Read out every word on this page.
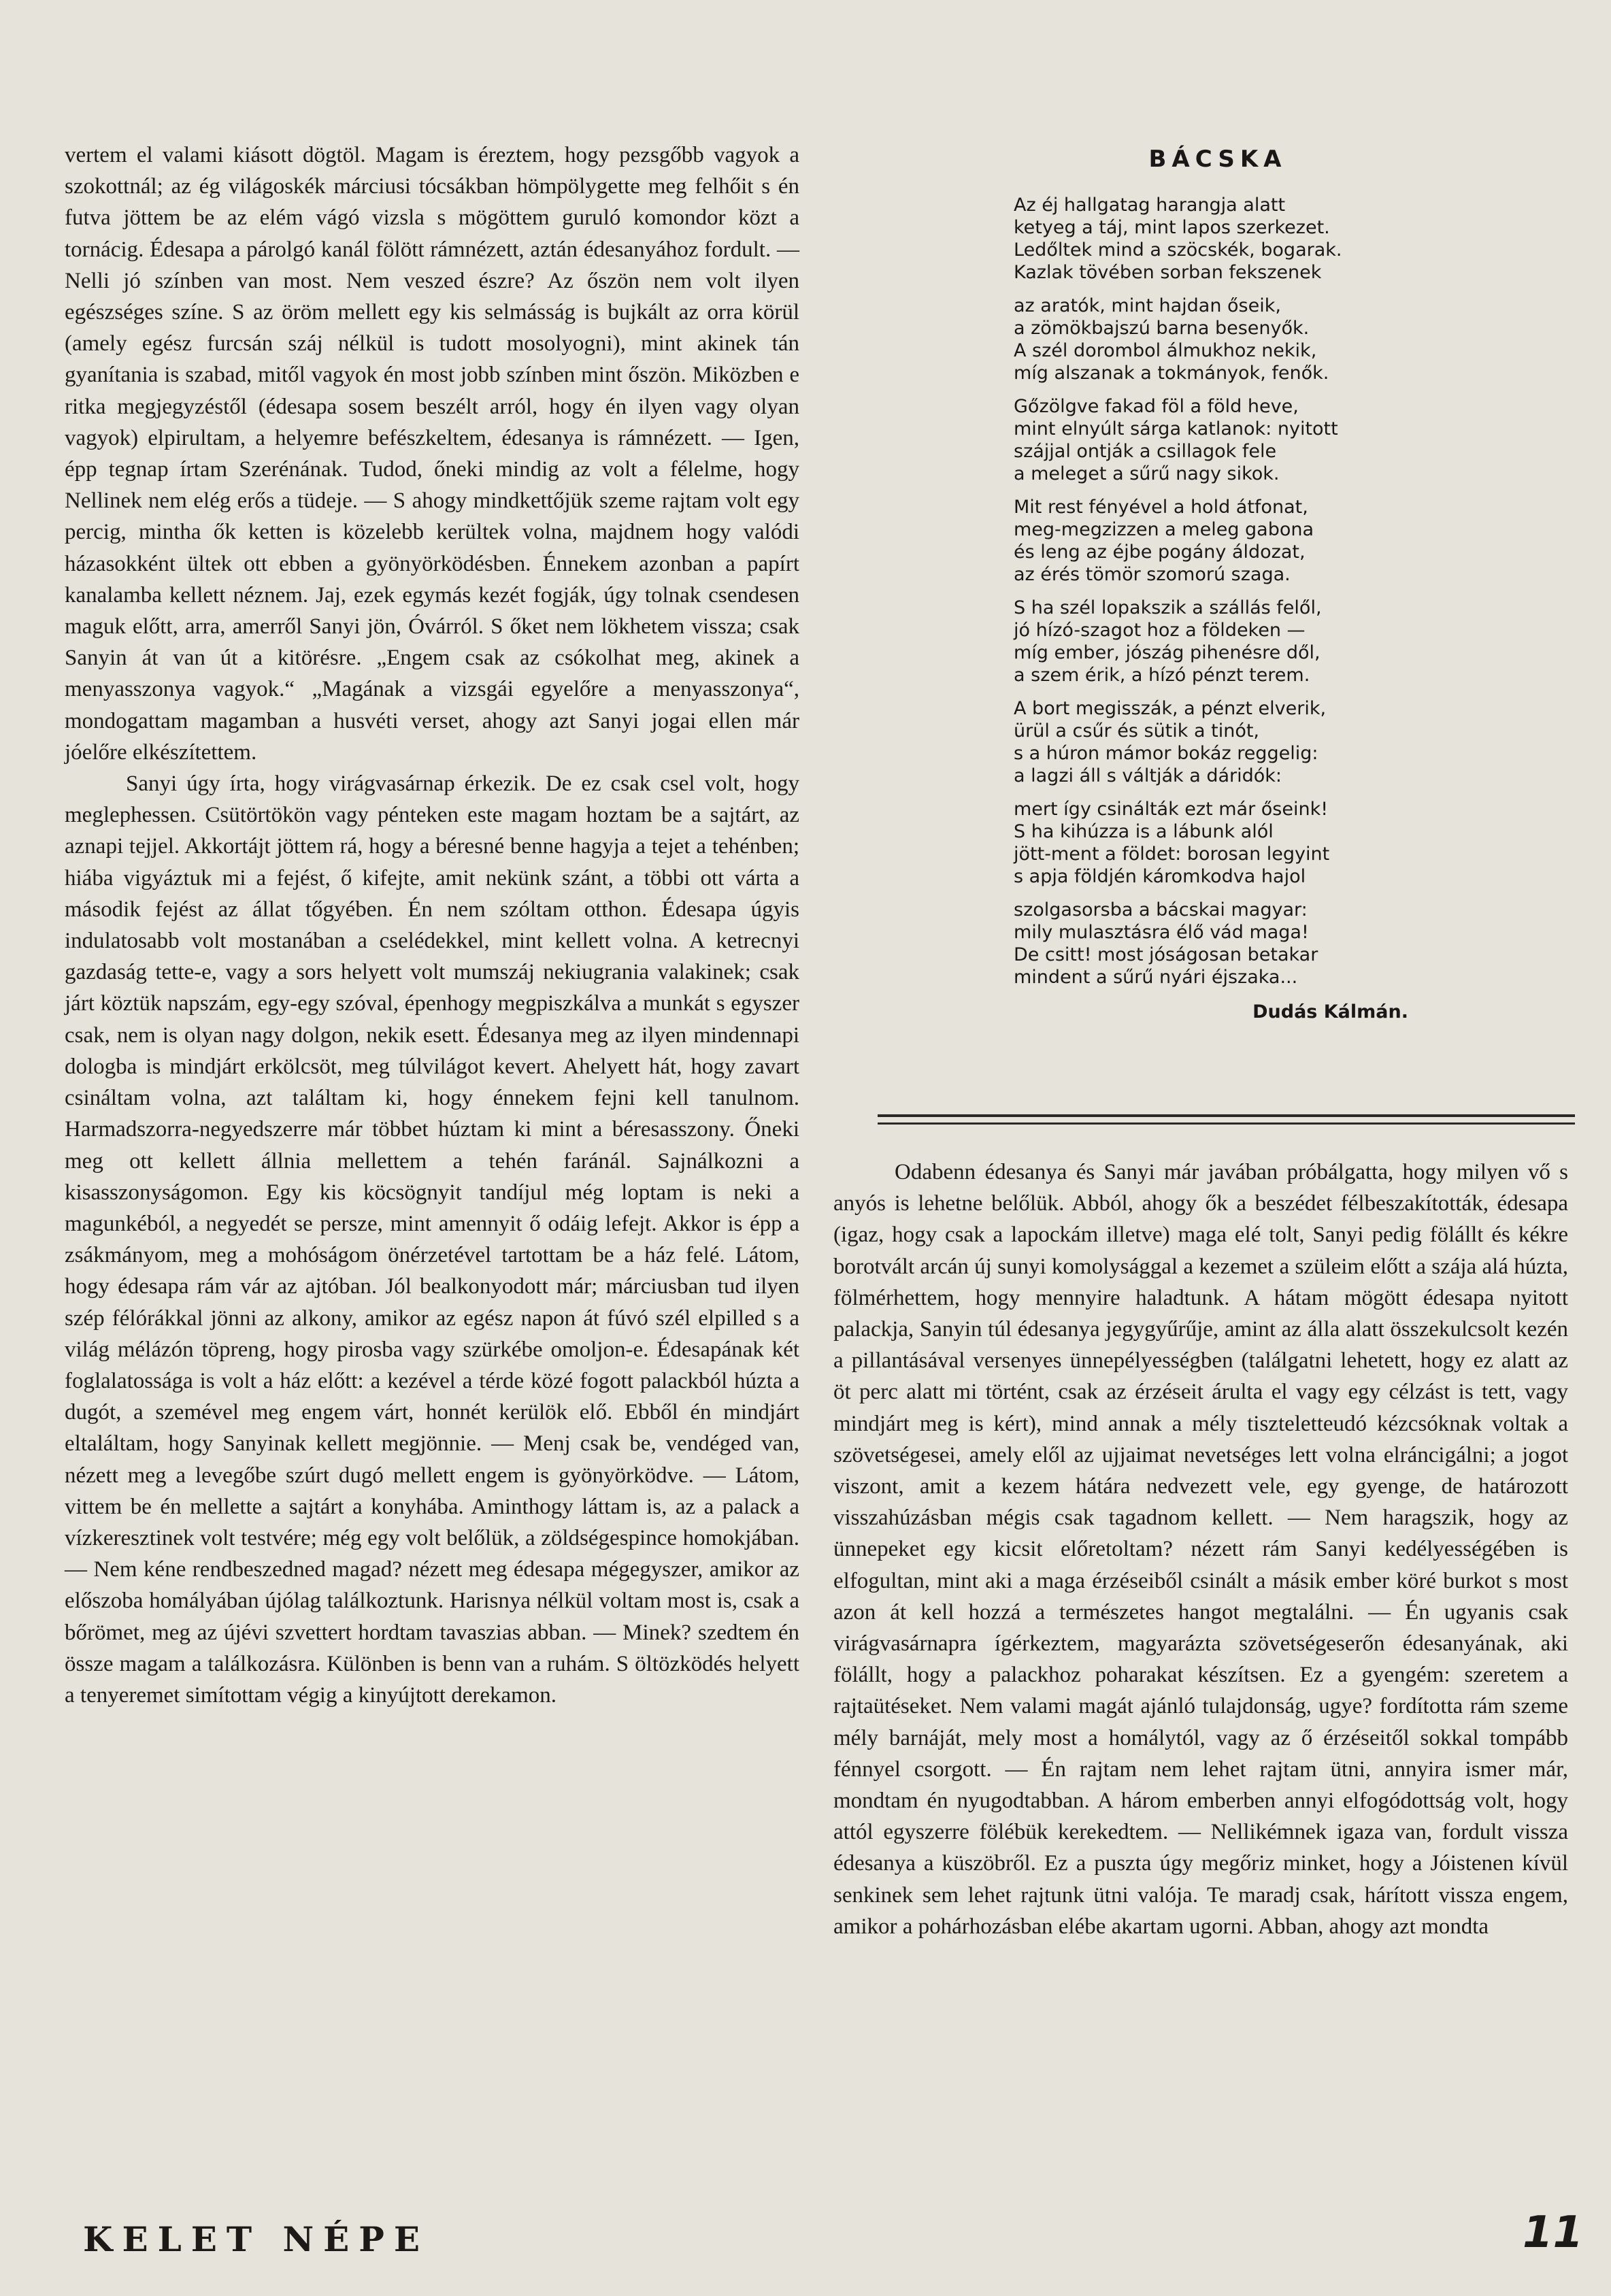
vertem el valami kiásott dögtöl. Magam is éreztem, hogy pezsgőbb vagyok a szokottnál; az ég világoskék márciusi tócsákban hömpölygette meg felhőit s én futva jöttem be az elém vágó vizsla s mögöttem guruló komondor közt a tornácig. Édesapa a párolgó kanál fölött rámnézett, aztán édesanyához fordult. — Nelli jó színben van most. Nem veszed észre? Az őszön nem volt ilyen egészséges színe. S az öröm mellett egy kis selmásság is bujkált az orra körül (amely egész furcsán száj nélkül is tudott mosolyogni), mint akinek tán gyanítania is szabad, mitől vagyok én most jobb színben mint őszön. Miközben e ritka megjegyzéstől (édesapa sosem beszélt arról, hogy én ilyen vagy olyan vagyok) elpirultam, a helyemre befészkeltem, édesanya is rámnézett. — Igen, épp tegnap írtam Szerénának. Tudod, őneki mindig az volt a félelme, hogy Nellinek nem elég erős a tüdeje. — S ahogy mindkettőjük szeme rajtam volt egy percig, mintha ők ketten is közelebb kerültek volna, majdnem hogy valódi házasokként ültek ott ebben a gyönyörködésben. Énnekem azonban a papírt kanalamba kellett néznem. Jaj, ezek egymás kezét fogják, úgy tolnak csendesen maguk előtt, arra, amerről Sanyi jön, Óvárról. S őket nem lökhetem vissza; csak Sanyin át van út a kitörésre. „Engem csak az csókolhat meg, akinek a menyasszonya vagyok.“ „Magának a vizsgái egyelőre a menyasszonya“, mondogattam magamban a husvéti verset, ahogy azt Sanyi jogai ellen már jóelőre elkészítettem.

Sanyi úgy írta, hogy virágvasárnap érkezik. De ez csak csel volt, hogy meglephessen. Csütörtökön vagy pénteken este magam hoztam be a sajtárt, az aznapi tejjel. Akkortájt jöttem rá, hogy a béresné benne hagyja a tejet a tehénben; hiába vigyáztuk mi a fejést, ő kifejte, amit nekünk szánt, a többi ott várta a második fejést az állat tőgyében. Én nem szóltam otthon. Édesapa úgyis indulatosabb volt mostanában a cselédekkel, mint kellett volna. A ketrecnyi gazdaság tette-e, vagy a sors helyett volt mumszáj nekiugrania valakinek; csak járt köztük napszám, egy-egy szóval, épenhogy megpiszkálva a munkát s egyszer csak, nem is olyan nagy dolgon, nekik esett. Édesanya meg az ilyen mindennapi dologba is mindjárt erkölcsöt, meg túlvilágot kevert. Ahelyett hát, hogy zavart csináltam volna, azt találtam ki, hogy énnekem fejni kell tanulnom. Harmadszorra-negyedszerre már többet húztam ki mint a béresasszony. Őneki meg ott kellett állnia mellettem a tehén faránál. Sajnálkozni a kisasszonyságomon. Egy kis köcsögnyit tandíjul még loptam is neki a magunkéból, a negyedét se persze, mint amennyit ő odáig lefejt. Akkor is épp a zsákmányom, meg a mohóságom önérzetével tartottam be a ház felé. Látom, hogy édesapa rám vár az ajtóban. Jól bealkonyodott már; márciusban tud ilyen szép félórákkal jönni az alkony, amikor az egész napon át fúvó szél elpilled s a világ mélázón töpreng, hogy pirosba vagy szürkébe omoljon-e. Édesapának két foglalatossága is volt a ház előtt: a kezével a térde közé fogott palackból húzta a dugót, a szemével meg engem várt, honnét kerülök elő. Ebből én mindjárt eltaláltam, hogy Sanyinak kellett megjönnie. — Menj csak be, vendéged van, nézett meg a levegőbe szúrt dugó mellett engem is gyönyörködve. — Látom, vittem be én mellette a sajtárt a konyhába. Aminthogy láttam is, az a palack a vízkeresztinek volt testvére; még egy volt belőlük, a zöldségespince homokjában. — Nem kéne rendbeszedned magad? nézett meg édesapa mégegyszer, amikor az előszoba homályában újólag találkoztunk. Harisnya nélkül voltam most is, csak a bőrömet, meg az újévi szvettert hordtam tavaszias abban. — Minek? szedtem én össze magam a találkozásra. Különben is benn van a ruhám. S öltözködés helyett a tenyeremet simítottam végig a kinyújtott derekamon.

BÁCSKA
Az éj hallgatag harangja alatt
ketyeg a táj, mint lapos szerkezet.
Ledőltek mind a szöcskék, bogarak.
Kazlak tövében sorban fekszenek
az aratók, mint hajdan őseik,
a zömökbajszú barna besenyők.
A szél dorombol álmukhoz nekik,
míg alszanak a tokmányok, fenők.
Gőzölgve fakad föl a föld heve,
mint elnyúlt sárga katlanok: nyitott
szájjal ontják a csillagok fele
a meleget a sűrű nagy sikok.
Mit rest fényével a hold átfonat,
meg-megzizzen a meleg gabona
és leng az éjbe pogány áldozat,
az érés tömör szomorú szaga.
S ha szél lopakszik a szállás felől,
jó hízó-szagot hoz a földeken —
míg ember, jószág pihenésre dől,
a szem érik, a hízó pénzt terem.
A bort megisszák, a pénzt elverik,
ürül a csűr és sütik a tinót,
s a húron mámor bokáz reggelig:
a lagzi áll s váltják a dáridók:
mert így csinálták ezt már őseink!
S ha kihúzza is a lábunk alól
jött-ment a földet: borosan legyint
s apja földjén káromkodva hajol
szolgasorsba a bácskai magyar:
mily mulasztásra élő vád maga!
De csitt! most jóságosan betakar
mindent a sűrű nyári éjszaka...
Dudás Kálmán.

Odabenn édesanya és Sanyi már javában próbálgatta, hogy milyen vő s anyós is lehetne belőlük. Abból, ahogy ők a beszédet félbeszakították, édesapa (igaz, hogy csak a lapockám illetve) maga elé tolt, Sanyi pedig fölállt és kékre borotvált arcán új sunyi komolysággal a kezemet a szüleim előtt a szája alá húzta, fölmérhettem, hogy mennyire haladtunk. A hátam mögött édesapa nyitott palackja, Sanyin túl édesanya jegygyűrűje, amint az álla alatt összekulcsolt kezén a pillantásával versenyes ünnepélyességben (találgatni lehetett, hogy ez alatt az öt perc alatt mi történt, csak az érzéseit árulta el vagy egy célzást is tett, vagy mindjárt meg is kért), mind annak a mély tiszteletteudó kézcsóknak voltak a szövetségesei, amely elől az ujjaimat nevetséges lett volna elráncigálni; a jogot viszont, amit a kezem hátára nedvezett vele, egy gyenge, de határozott visszahúzásban mégis csak tagadnom kellett. — Nem haragszik, hogy az ünnepeket egy kicsit előretoltam? nézett rám Sanyi kedélyességében is elfogultan, mint aki a maga érzéseiből csinált a másik ember köré burkot s most azon át kell hozzá a természetes hangot megtalálni. — Én ugyanis csak virágvasárnapra ígérkeztem, magyarázta szövetségeserőn édesanyának, aki fölállt, hogy a palackhoz poharakat készítsen. Ez a gyengém: szeretem a rajtaütéseket. Nem valami magát ajánló tulajdonság, ugye? fordította rám szeme mély barnáját, mely most a homálytól, vagy az ő érzéseitől sokkal tompább fénnyel csorgott. — Én rajtam nem lehet rajtam ütni, annyira ismer már, mondtam én nyugodtabban. A három emberben annyi elfogódottság volt, hogy attól egyszerre fölébük kerekedtem. — Nellikémnek igaza van, fordult vissza édesanya a küszöbről. Ez a puszta úgy megőriz minket, hogy a Jóistenen kívül senkinek sem lehet rajtunk ütni valója. Te maradj csak, hárított vissza engem, amikor a pohárhozásban elébe akartam ugorni. Abban, ahogy azt mondta

KELET NÉPE	11
